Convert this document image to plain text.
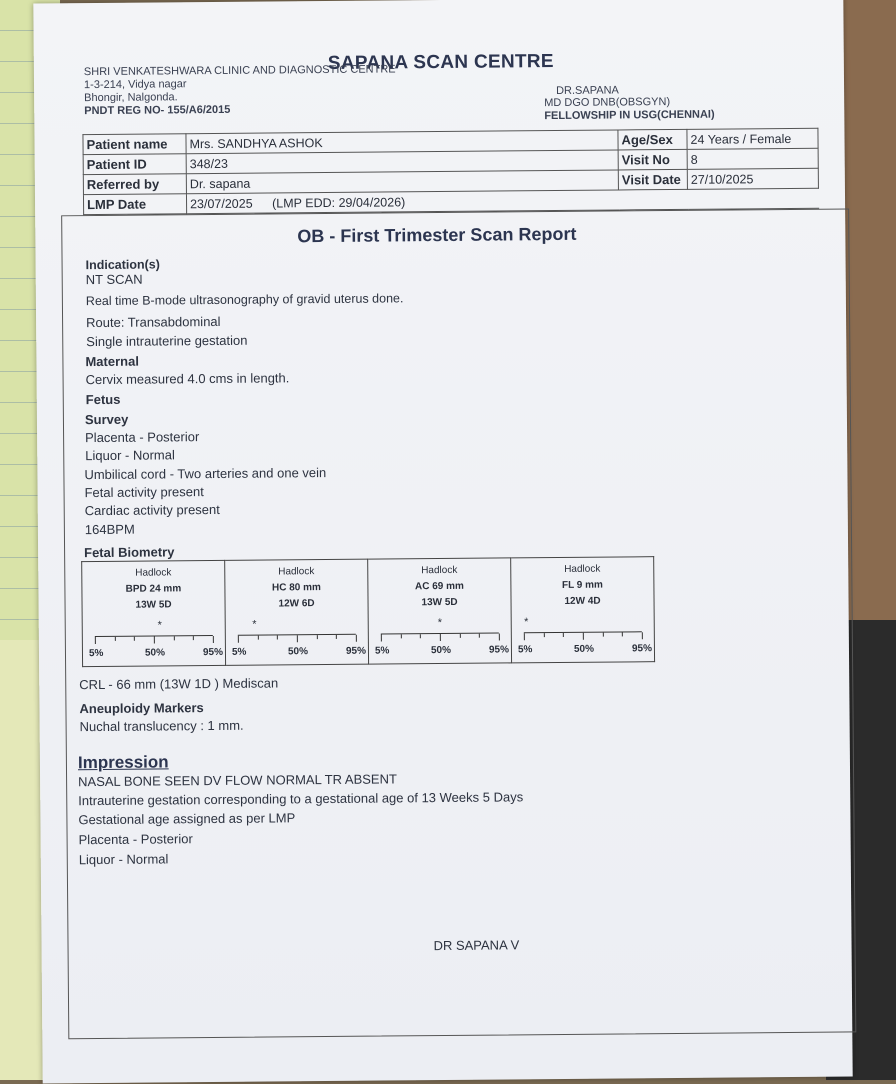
SAPANA SCAN CENTRE
SHRI VENKATESHWARA CLINIC AND DIAGNOSTIC CENTRE
1-3-214, Vidya nagar
Bhongir, Nalgonda.
PNDT REG NO- 155/A6/2015
DR.SAPANA
MD DGO DNB(OBSGYN)
FELLOWSHIP IN USG(CHENNAI)
Patient name	Mrs. SANDHYA ASHOK	Age/Sex	24 Years / Female
Patient ID	348/23	Visit No	8
Referred by	Dr. sapana	Visit Date	27/10/2025
LMP Date	23/07/2025 (LMP EDD: 29/04/2026)		
OB - First Trimester Scan Report
Indication(s)
NT SCAN
Real time B-mode ultrasonography of gravid uterus done.
Route: Transabdominal
Single intrauterine gestation
Maternal
Cervix measured 4.0 cms in length.
Fetus
Survey
Placenta - Posterior
Liquor - Normal
Umbilical cord - Two arteries and one vein
Fetal activity present
Cardiac activity present
164BPM
Fetal Biometry
Hadlock
BPD 24 mm
13W 5D
*
5%	50%	95%

Hadlock
HC 80 mm
12W 6D
*
5%	50%	95%

Hadlock
AC 69 mm
13W 5D
*
5%	50%	95%

Hadlock
FL 9 mm
12W 4D
*
5%	50%	95%
CRL - 66 mm (13W 1D ) Mediscan
Aneuploidy Markers
Nuchal translucency : 1 mm.
Impression
NASAL BONE SEEN DV FLOW NORMAL TR ABSENT
Intrauterine gestation corresponding to a gestational age of 13 Weeks 5 Days
Gestational age assigned as per LMP
Placenta - Posterior
Liquor - Normal
DR SAPANA V
